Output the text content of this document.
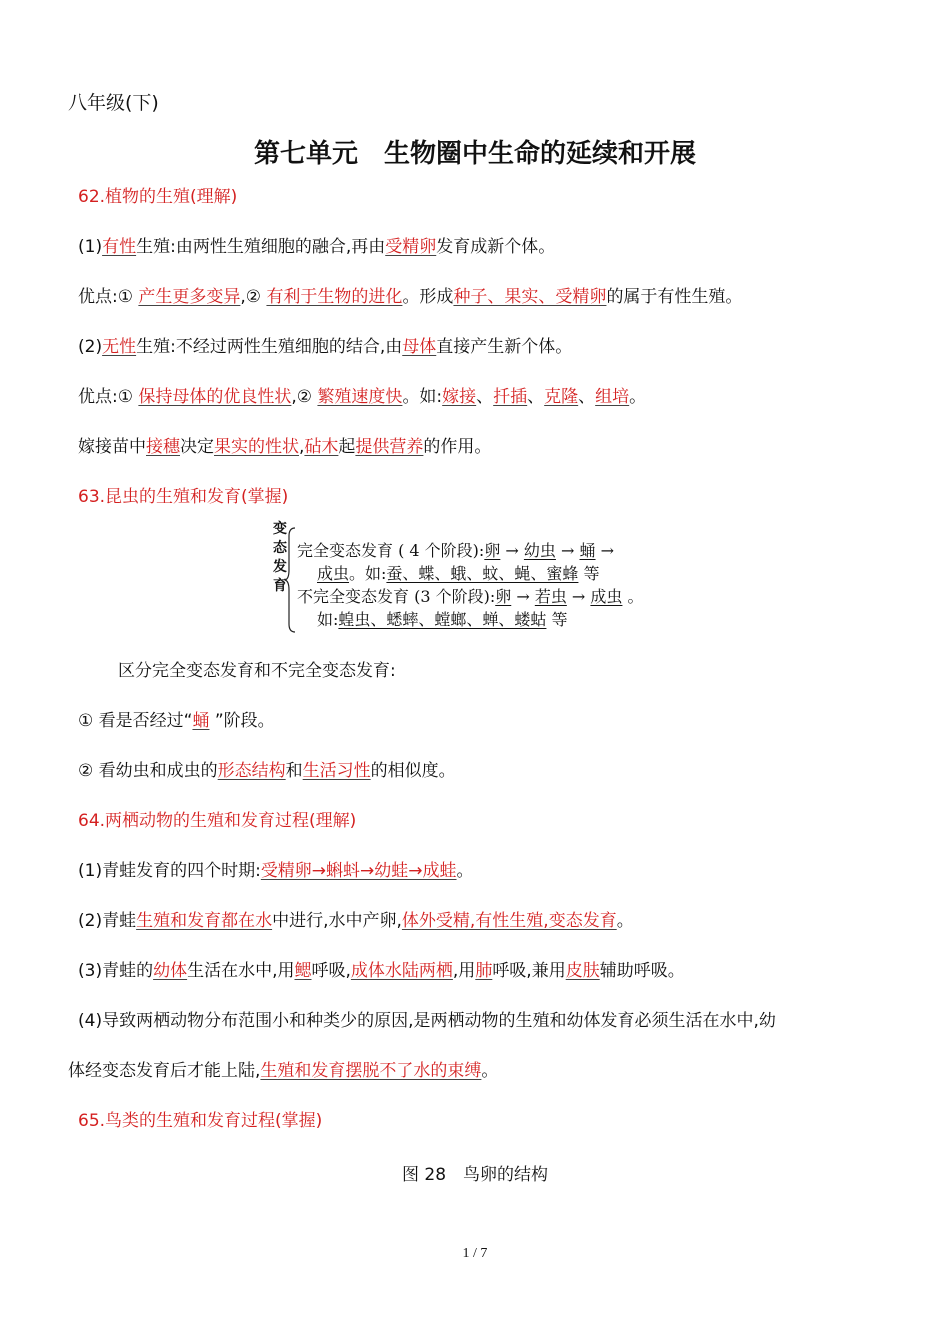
八年级(下)
第七单元　生物圈中生命的延续和开展
62.植物的生殖(理解)
(1)有性生殖:由两性生殖细胞的融合,再由受精卵发育成新个体。
优点:① 产生更多变异,② 有利于生物的进化。形成种子、果实、受精卵的属于有性生殖。
(2)无性生殖:不经过两性生殖细胞的结合,由母体直接产生新个体。
优点:① 保持母体的优良性状,② 繁殖速度快。如:嫁接、扦插、克隆、组培。
嫁接苗中接穗决定果实的性状,砧木起提供营养的作用。
63.昆虫的生殖和发育(掌握)
变态发育
完全变态发育 ( 4 个阶段):卵 → 幼虫 → 蛹 →
成虫。如:蚕、蝶、蛾、蚊、蝇、蜜蜂 等
不完全变态发育 (3 个阶段):卵 → 若虫 → 成虫 。
如:蝗虫、蟋蟀、螳螂、蝉、蝼蛄 等
区分完全变态发育和不完全变态发育:
① 看是否经过“蛹 ”阶段。
② 看幼虫和成虫的形态结构和生活习性的相似度。
64.两栖动物的生殖和发育过程(理解)
(1)青蛙发育的四个时期:受精卵→蝌蚪→幼蛙→成蛙。
(2)青蛙生殖和发育都在水中进行,水中产卵,体外受精,有性生殖,变态发育。
(3)青蛙的幼体生活在水中,用鳃呼吸,成体水陆两栖,用肺呼吸,兼用皮肤辅助呼吸。
(4)导致两栖动物分布范围小和种类少的原因,是两栖动物的生殖和幼体发育必须生活在水中,幼
体经变态发育后才能上陆,生殖和发育摆脱不了水的束缚。
65.鸟类的生殖和发育过程(掌握)
图 28　鸟卵的结构
1 / 7
